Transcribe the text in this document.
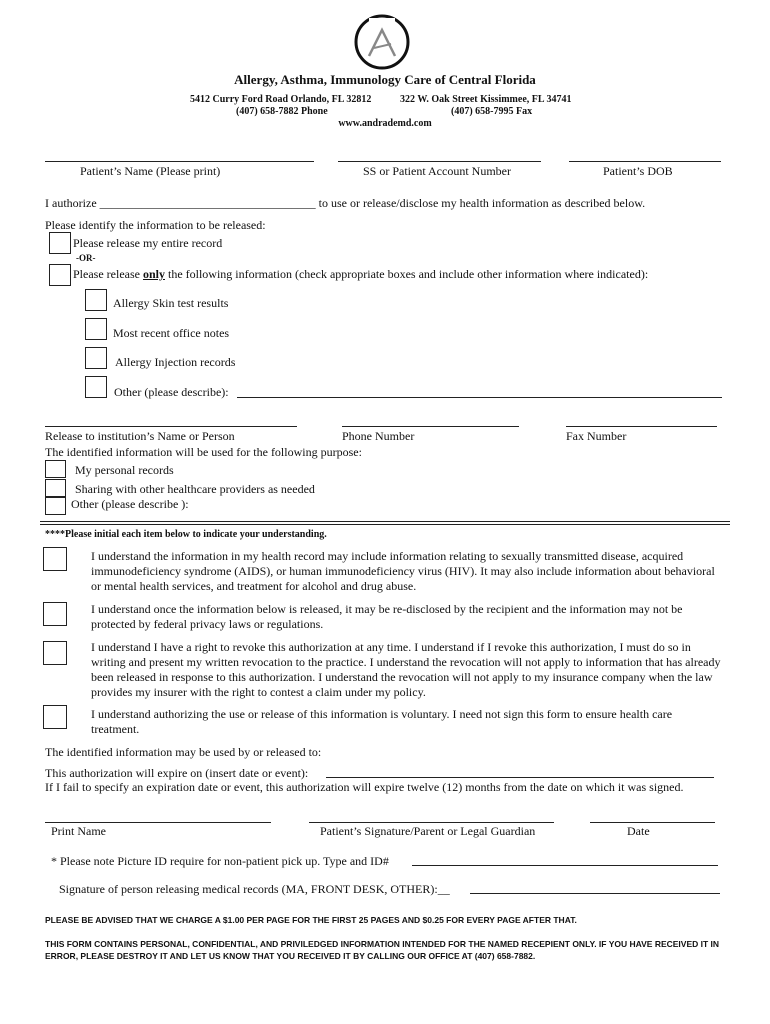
Allergy, Asthma, Immunology Care of Central Florida
5412 Curry Ford Road Orlando, FL 32812	322 W. Oak Street Kissimmee, FL 34741
(407) 658-7882 Phone	(407) 658-7995 Fax
www.andrademd.com
Patient’s Name (Please print)	SS or Patient Account Number	Patient’s DOB
I authorize ____________________________________ to use or release/disclose my health information as described below.
Please identify the information to be released:
Please release my entire record
-OR-
Please release only the following information (check appropriate boxes and include other information where indicated):
Allergy Skin test results
Most recent office notes
Allergy Injection records
Other (please describe):
Release to institution’s Name or Person	Phone Number	Fax Number
The identified information will be used for the following purpose:
My personal records
Sharing with other healthcare providers as needed
Other (please describe ):
****Please initial each item below to indicate your understanding.
I understand the information in my health record may include information relating to sexually transmitted disease, acquired immunodeficiency syndrome (AIDS), or human immunodeficiency virus (HIV). It may also include information about behavioral or mental health services, and treatment for alcohol and drug abuse.
I understand once the information below is released, it may be re-disclosed by the recipient and the information may not be protected by federal privacy laws or regulations.
I understand I have a right to revoke this authorization at any time. I understand if I revoke this authorization, I must do so in writing and present my written revocation to the practice. I understand the revocation will not apply to information that has already been released in response to this authorization. I understand the revocation will not apply to my insurance company when the law provides my insurer with the right to contest a claim under my policy.
I understand authorizing the use or release of this information is voluntary. I need not sign this form to ensure health care treatment.
The identified information may be used by or released to:
This authorization will expire on (insert date or event):
If I fail to specify an expiration date or event, this authorization will expire twelve (12) months from the date on which it was signed.
Print Name	Patient’s Signature/Parent or Legal Guardian	Date
* Please note Picture ID require for non-patient pick up. Type and ID#
Signature of person releasing medical records (MA, FRONT DESK, OTHER):__
PLEASE BE ADVISED THAT WE CHARGE A $1.00 PER PAGE FOR THE FIRST 25 PAGES AND $0.25 FOR EVERY PAGE AFTER THAT.
THIS FORM CONTAINS PERSONAL, CONFIDENTIAL, AND PRIVILEDGED INFORMATION INTENDED FOR THE NAMED RECEPIENT ONLY. IF YOU HAVE RECEIVED IT IN ERROR, PLEASE DESTROY IT AND LET US KNOW THAT YOU RECEIVED IT BY CALLING OUR OFFICE AT (407) 658-7882.
